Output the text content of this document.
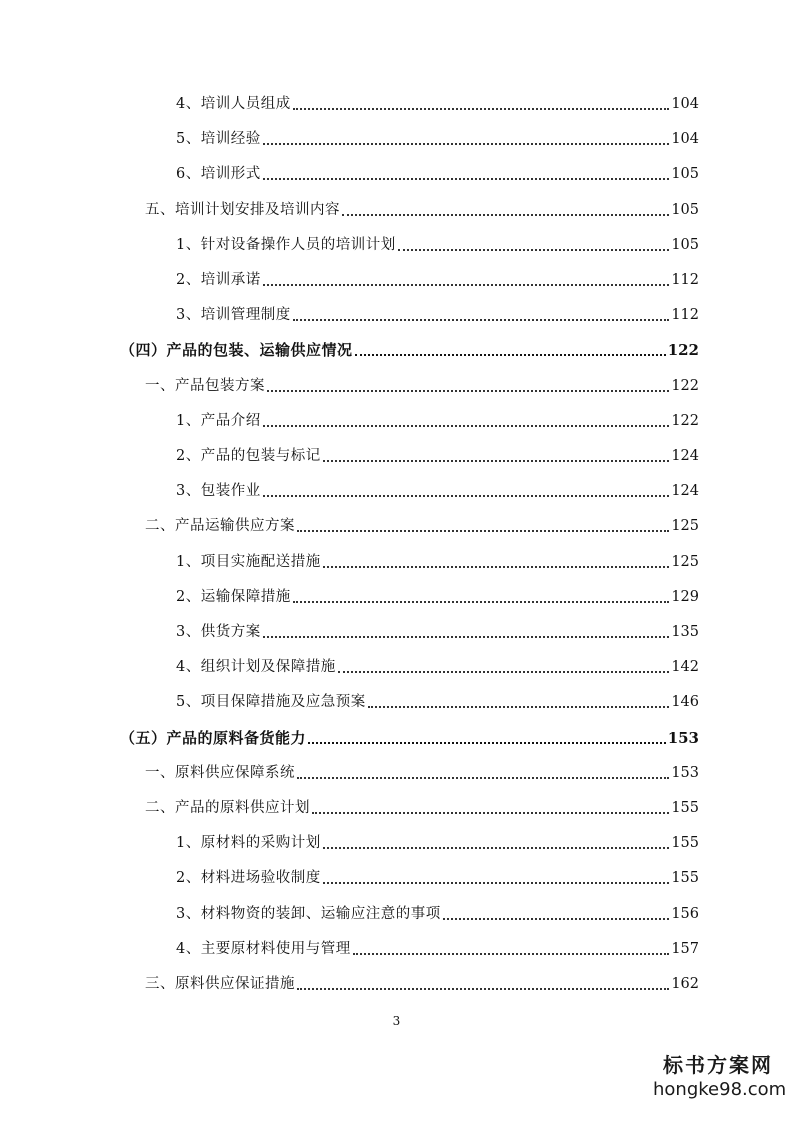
4、培训人员组成	104
5、培训经验	104
6、培训形式	105
五、培训计划安排及培训内容	105
1、针对设备操作人员的培训计划	105
2、培训承诺	112
3、培训管理制度	112
（四）产品的包装、运输供应情况	122
一、产品包装方案	122
1、产品介绍	122
2、产品的包装与标记	124
3、包装作业	124
二、产品运输供应方案	125
1、项目实施配送措施	125
2、运输保障措施	129
3、供货方案	135
4、组织计划及保障措施	142
5、项目保障措施及应急预案	146
（五）产品的原料备货能力	153
一、原料供应保障系统	153
二、产品的原料供应计划	155
1、原材料的采购计划	155
2、材料进场验收制度	155
3、材料物资的装卸、运输应注意的事项	156
4、主要原材料使用与管理	157
三、原料供应保证措施	162
3
标书方案网
hongke98.com
